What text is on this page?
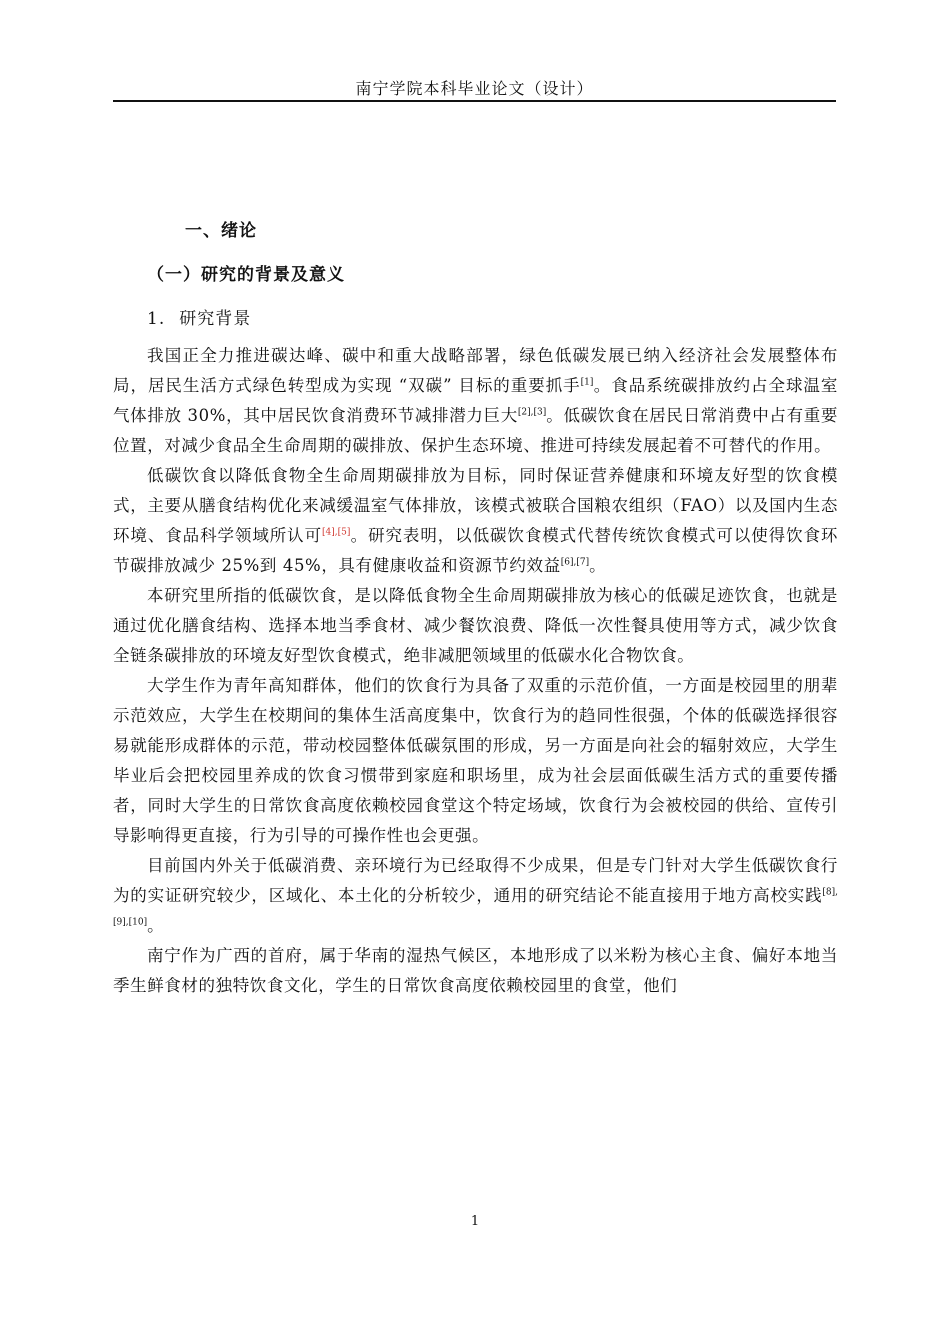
南宁学院本科毕业论文（设计）
一、绪论
（一）研究的背景及意义
1. 研究背景

我国正全力推进碳达峰、碳中和重大战略部署，绿色低碳发展已纳入经济社会发展整体布局，居民生活方式绿色转型成为实现 “双碳” 目标的重要抓手[1]。食品系统碳排放约占全球温室气体排放 30%，其中居民饮食消费环节减排潜力巨大[2],[3]。低碳饮食在居民日常消费中占有重要位置，对减少食品全生命周期的碳排放、保护生态环境、推进可持续发展起着不可替代的作用。

低碳饮食以降低食物全生命周期碳排放为目标，同时保证营养健康和环境友好型的饮食模式，主要从膳食结构优化来减缓温室气体排放，该模式被联合国粮农组织（FAO）以及国内生态环境、食品科学领域所认可[4],[5]。研究表明，以低碳饮食模式代替传统饮食模式可以使得饮食环节碳排放减少 25%到 45%，具有健康收益和资源节约效益[6],[7]。

本研究里所指的低碳饮食，是以降低食物全生命周期碳排放为核心的低碳足迹饮食，也就是通过优化膳食结构、选择本地当季食材、减少餐饮浪费、降低一次性餐具使用等方式，减少饮食全链条碳排放的环境友好型饮食模式，绝非减肥领域里的低碳水化合物饮食。

大学生作为青年高知群体，他们的饮食行为具备了双重的示范价值，一方面是校园里的朋辈示范效应，大学生在校期间的集体生活高度集中，饮食行为的趋同性很强，个体的低碳选择很容易就能形成群体的示范，带动校园整体低碳氛围的形成，另一方面是向社会的辐射效应，大学生毕业后会把校园里养成的饮食习惯带到家庭和职场里，成为社会层面低碳生活方式的重要传播者，同时大学生的日常饮食高度依赖校园食堂这个特定场域，饮食行为会被校园的供给、宣传引导影响得更直接，行为引导的可操作性也会更强。

目前国内外关于低碳消费、亲环境行为已经取得不少成果，但是专门针对大学生低碳饮食行为的实证研究较少，区域化、本土化的分析较少，通用的研究结论不能直接用于地方高校实践[8],[9],[10]。

南宁作为广西的首府，属于华南的湿热气候区，本地形成了以米粉为核心主食、偏好本地当季生鲜食材的独特饮食文化，学生的日常饮食高度依赖校园里的食堂，他们

1
